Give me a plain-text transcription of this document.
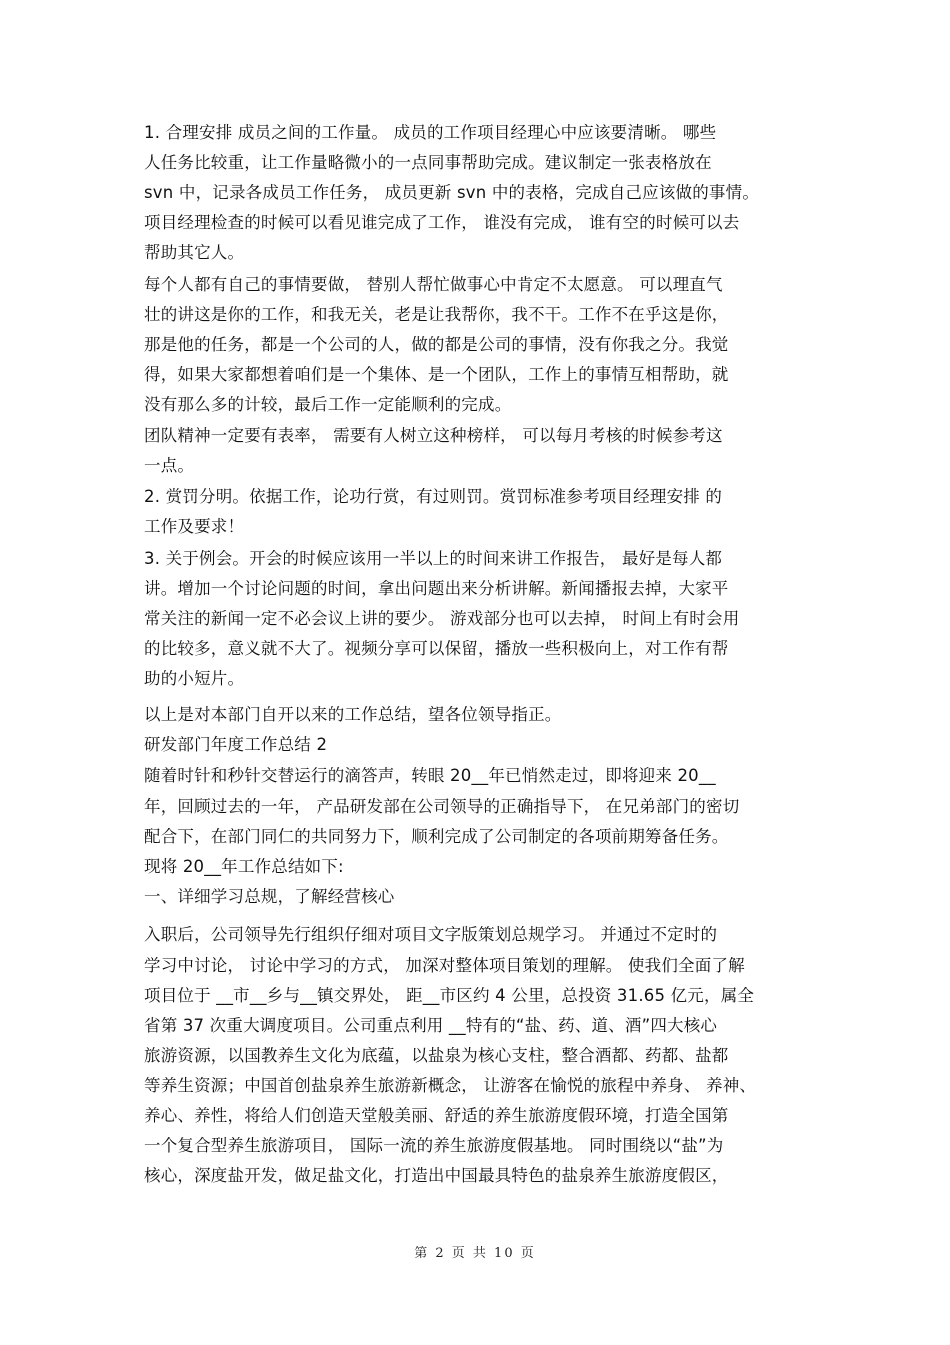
1. 合理安排 成员之间的工作量。 成员的工作项目经理心中应该要清晰。 哪些
人任务比较重，让工作量略微小的一点同事帮助完成。建议制定一张表格放在
svn 中，记录各成员工作任务， 成员更新 svn 中的表格，完成自己应该做的事情。
项目经理检查的时候可以看见谁完成了工作， 谁没有完成， 谁有空的时候可以去
帮助其它人。
每个人都有自己的事情要做， 替别人帮忙做事心中肯定不太愿意。 可以理直气
壮的讲这是你的工作，和我无关，老是让我帮你，我不干。工作不在乎这是你，
那是他的任务，都是一个公司的人，做的都是公司的事情，没有你我之分。我觉
得，如果大家都想着咱们是一个集体、是一个团队，工作上的事情互相帮助，就
没有那么多的计较，最后工作一定能顺利的完成。
团队精神一定要有表率， 需要有人树立这种榜样， 可以每月考核的时候参考这
一点。
2. 赏罚分明。依据工作，论功行赏，有过则罚。赏罚标准参考项目经理安排 的
工作及要求！
3. 关于例会。开会的时候应该用一半以上的时间来讲工作报告， 最好是每人都
讲。增加一个讨论问题的时间，拿出问题出来分析讲解。新闻播报去掉，大家平
常关注的新闻一定不必会议上讲的要少。 游戏部分也可以去掉， 时间上有时会用
的比较多，意义就不大了。视频分享可以保留，播放一些积极向上，对工作有帮
助的小短片。
以上是对本部门自开以来的工作总结，望各位领导指正。
研发部门年度工作总结 2
随着时针和秒针交替运行的滴答声，转眼 20__年已悄然走过，即将迎来 20__
年，回顾过去的一年， 产品研发部在公司领导的正确指导下， 在兄弟部门的密切
配合下，在部门同仁的共同努力下，顺利完成了公司制定的各项前期筹备任务。
现将 20__年工作总结如下:
一、详细学习总规，了解经营核心
入职后，公司领导先行组织仔细对项目文字版策划总规学习。 并通过不定时的
学习中讨论， 讨论中学习的方式， 加深对整体项目策划的理解。 使我们全面了解
项目位于 __市__乡与__镇交界处， 距__市区约 4 公里，总投资 31.65 亿元，属全
省第 37 次重大调度项目。公司重点利用 __特有的“盐、药、道、酒”四大核心
旅游资源，以国教养生文化为底蕴，以盐泉为核心支柱，整合酒都、药都、盐都
等养生资源；中国首创盐泉养生旅游新概念， 让游客在愉悦的旅程中养身、 养神、
养心、养性，将给人们创造天堂般美丽、舒适的养生旅游度假环境，打造全国第
一个复合型养生旅游项目， 国际一流的养生旅游度假基地。 同时围绕以“盐”为
核心，深度盐开发，做足盐文化，打造出中国最具特色的盐泉养生旅游度假区，
第 2 页 共 10 页
